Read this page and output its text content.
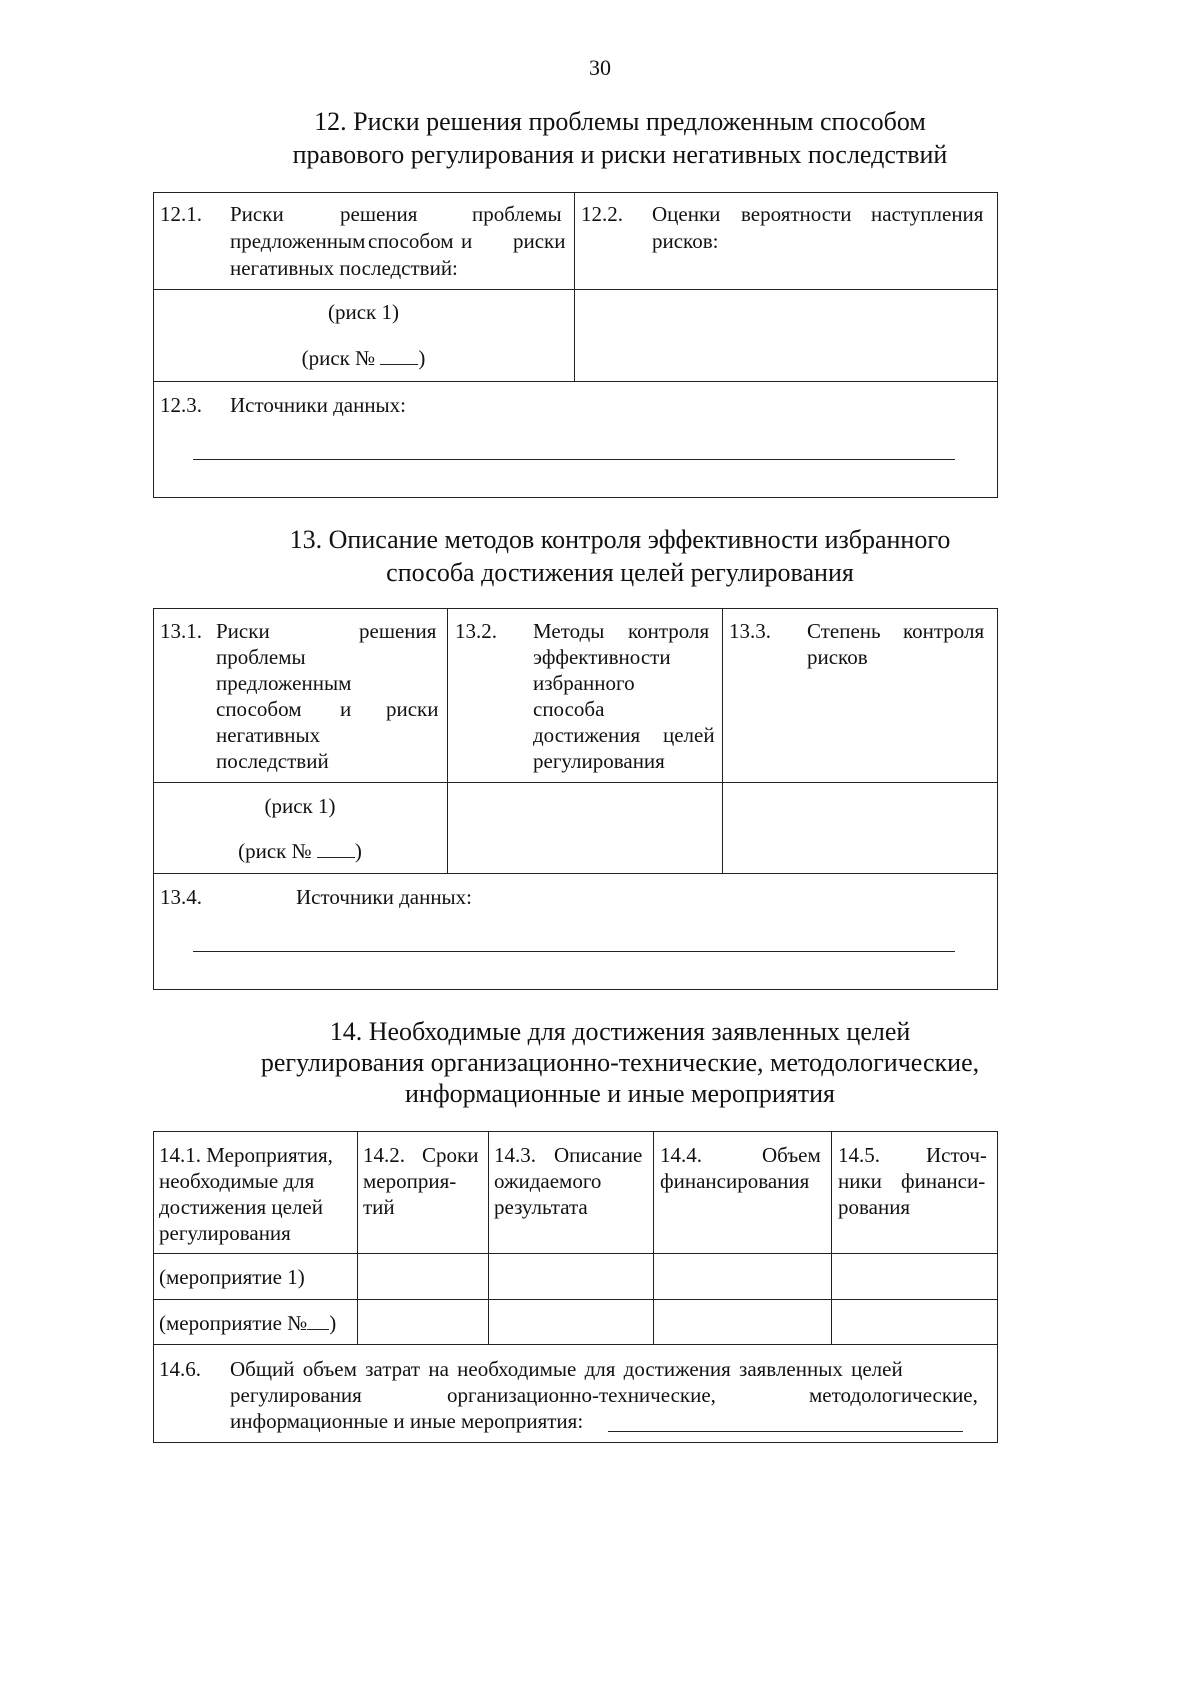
30
12. Риски решения проблемы предложенным способом
правового регулирования и риски негативных последствий
12.1. Риски	решения	проблемы
предложенным способом и риски
негативных последствий:
12.2. Оценки вероятности наступления
рисков:
(риск 1)
(риск № )
12.3. Источники данных:
13. Описание методов контроля эффективности избранного
способа достижения целей регулирования
13.1. Риски	решения
проблемы
предложенным
способом и риски
негативных
последствий
13.2. Методы контроля
эффективности
избранного
способа
достижения целей
регулирования
13.3. Степень контроля
рисков
(риск 1)
(риск № )
13.4.	Источники данных:
14. Необходимые для достижения заявленных целей
регулирования организационно-технические, методологические,
информационные и иные мероприятия
14.1. Мероприятия,
необходимые для
достижения целей
регулирования
14.2. Сроки
мероприя-
тий
14.3. Описание
ожидаемого
результата
14.4.	Объем
финансирования
14.5. Источ-
ники финанси-
рования
(мероприятие 1)
(мероприятие № )
14.6. Общий объем затрат на необходимые для достижения заявленных целей
регулирования	организационно-технические,	методологические,
информационные и иные мероприятия:
